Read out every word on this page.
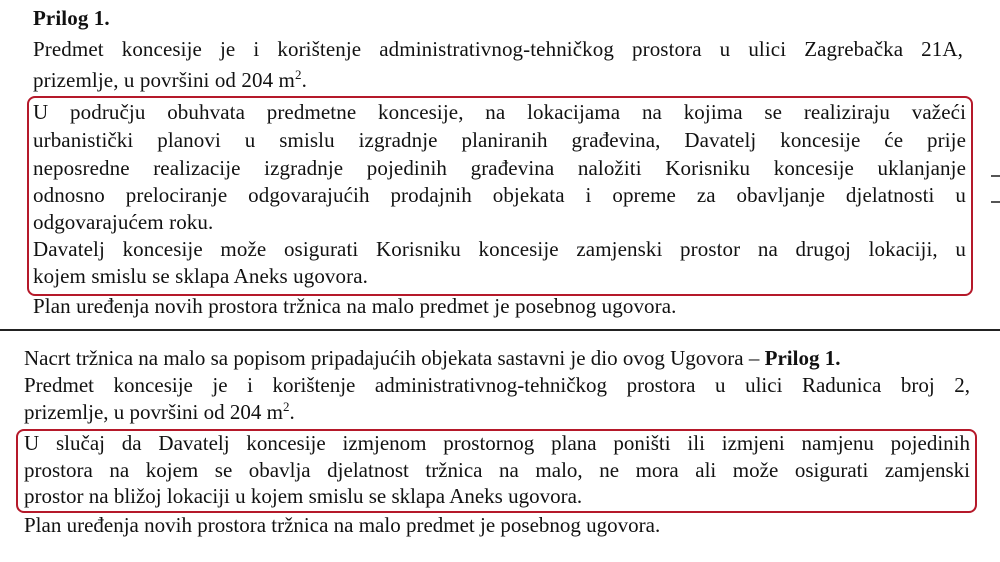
Prilog 1.
Predmet koncesije je i korištenje administrativnog-tehničkog prostora u ulici Zagrebačka 21A,
prizemlje, u površini od 204 $m^2$.
U području obuhvata predmetne koncesije, na lokacijama na kojima se realiziraju važeći
urbanistički planovi u smislu izgradnje planiranih građevina, Davatelj koncesije će prije
neposredne realizacije izgradnje pojedinih građevina naložiti Korisniku koncesije uklanjanje
odnosno prelociranje odgovarajućih prodajnih objekata i opreme za obavljanje djelatnosti u
odgovarajućem roku.
Davatelj koncesije može osigurati Korisniku koncesije zamjenski prostor na drugoj lokaciji, u
kojem smislu se sklapa Aneks ugovora.
Plan uređenja novih prostora tržnica na malo predmet je posebnog ugovora.
Nacrt tržnica na malo sa popisom pripadajućih objekata sastavni je dio ovog Ugovora – Prilog 1.
Predmet koncesije je i korištenje administrativnog-tehničkog prostora u ulici Radunica broj 2,
prizemlje, u površini od 204 $m^2$.
U slučaj da Davatelj koncesije izmjenom prostornog plana poništi ili izmjeni namjenu pojedinih
prostora na kojem se obavlja djelatnost tržnica na malo, ne mora ali može osigurati zamjenski
prostor na bližoj lokaciji u kojem smislu se sklapa Aneks ugovora.
Plan uređenja novih prostora tržnica na malo predmet je posebnog ugovora.
